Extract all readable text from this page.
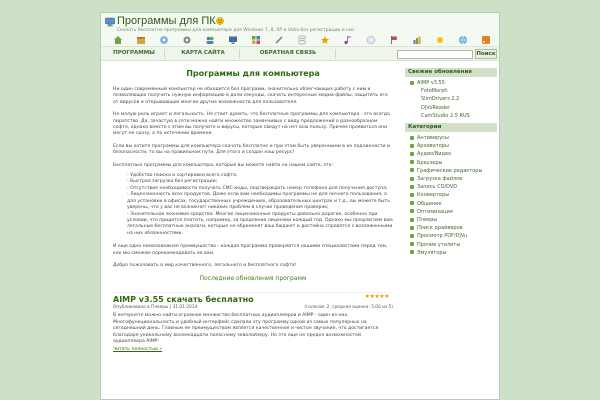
Программы для ПК
Скачать бесплатно программы для компьютера для Windows 7, 8, XP и Vista без регистрации и смс
ПРОГРАММЫ	КАРТА САЙТА	ОБРАТНАЯ СВЯЗЬ	Поиск
Программы для компьютера

Ни один современный компьютер не обходится без программ, значительно облегчающих работу с ним и позволяющих получить нужную информацию в доли секунды, скачать интересные медиа-файлы, защитить его от вирусов и открывающих многие другие возможности для пользователя.

Не малую роль играет и легальность. Не стоит думать, что бесплатные программы для компьютера - это всегда пиратство. Да, зачастую в сети можно найти множество заманчивых с виду предложений о разнообразном софте, однако вместе с этим вы получите и вирусы, которые сведут на нет всю пользу. Причем проявиться они могут не сразу, а по истечении времени.

Если вы хотите программы для компьютера скачать бесплатно и при этом быть уверенными в их подлинности и безопасности, то вы на правильном пути. Для этого и создан наш ресурс!

Бесплатные программы для компьютера, которые вы можете найти на нашем сайте, это:

- Удобство поиска и сортировки всего софта;
- Быстрая загрузка без регистрации;
- Отсутствие необходимости получать СМС-коды, подтверждать номер телефона для получения доступа;
- Лицензионность всех продуктов. Даже если вам необходимы программы не для личного пользования, а для установки в офисах, государственных учреждениях, образовательных центрах и т.д., вы можете быть уверены, что у вас не возникнет никаких проблем в случае проведения проверок;
- Значительная экономия средства. Многие лицензионные продукты довольно дорогие, особенно при условии, что придется платить, например, за продление лицензии каждый год. Однако мы предлагаем вам легальные бесплатные аналоги, которые не обременят ваш бюджет и достойно справятся с возложенными на них обязанностями.

И еще одно немаловажное преимущество - каждая программа проверяется нашими специалистами перед тем, как мы сможем порекомендовать ее вам.

Добро пожаловать в мир качественного, легального и бесплатного софта!

Последние обновления программ
AIMP v3.55 скачать бесплатно	★★★★★
Опубликовано в Плееры | 31.01.2014	(голосов: 2, средняя оценка: 5,00 из 5)

В интернете можно найти огромное множество бесплатных аудиоплееров и AIMP - один из них. Многофункциональность и удобный интерфейс сделали эту программу одной из самых популярных на сегодняшний день. Главным ее преимуществом является качественное и чистое звучание, что достигается благодаря уникальному восемнадцати полосному эквалайзеру. Но это еще не предел возможностей аудиоплеера AIMP:

Читать полностью »
Свежие обновления
AIMP v3.55
FotoMorph
SlimDrivers 2.2
DjVuReader
CamStudio 2.5 RUS
Категории
Антивирусы
Архиваторы
Аудио/Видео
Браузеры
Графические редакторы
Загрузка файлов
Запись CD/DVD
Конвертеры
Общение
Оптимизация
Плееры
Поиск драйверов
Просмотр PDF/DjVu
Прочие утилиты
Эмуляторы
